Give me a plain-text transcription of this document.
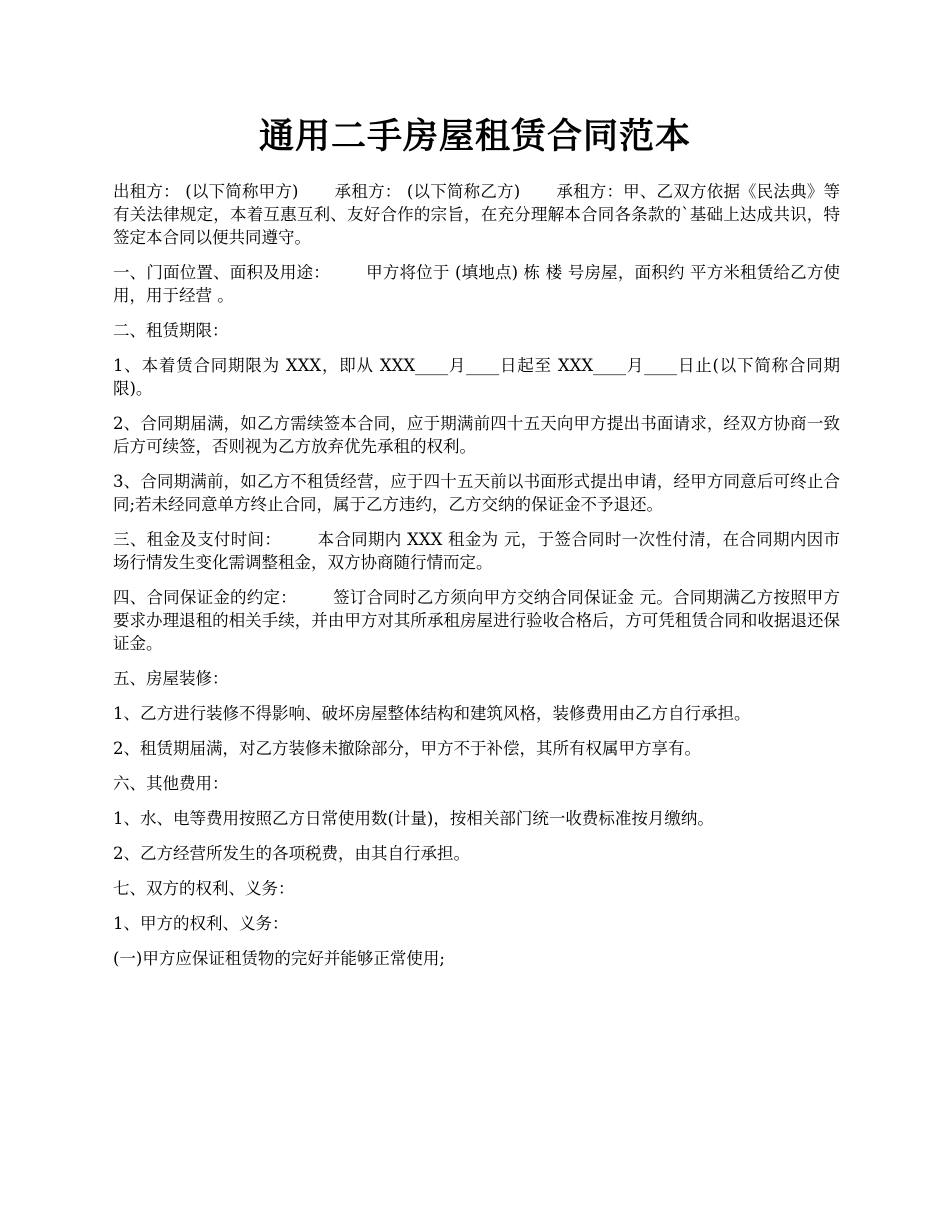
通用二手房屋租赁合同范本

出租方： (以下简称甲方) 承租方： (以下简称乙方) 承租方：甲、乙双方依据《民法典》等有关法律规定，本着互惠互利、友好合作的宗旨，在充分理解本合同各条款的`基础上达成共识，特签定本合同以便共同遵守。

一、门面位置、面积及用途： 甲方将位于 (填地点) 栋 楼 号房屋，面积约 平方米租赁给乙方使用，用于经营 。

二、租赁期限：

1、本着赁合同期限为 XXX，即从 XXX____月____日起至 XXX____月____日止(以下简称合同期限)。

2、合同期届满，如乙方需续签本合同，应于期满前四十五天向甲方提出书面请求，经双方协商一致后方可续签，否则视为乙方放弃优先承租的权利。

3、合同期满前，如乙方不租赁经营，应于四十五天前以书面形式提出申请，经甲方同意后可终止合同;若未经同意单方终止合同，属于乙方违约，乙方交纳的保证金不予退还。

三、租金及支付时间： 本合同期内 XXX 租金为 元，于签合同时一次性付清，在合同期内因市场行情发生变化需调整租金，双方协商随行情而定。

四、合同保证金的约定： 签订合同时乙方须向甲方交纳合同保证金 元。合同期满乙方按照甲方要求办理退租的相关手续，并由甲方对其所承租房屋进行验收合格后，方可凭租赁合同和收据退还保证金。

五、房屋装修：

1、乙方进行装修不得影响、破坏房屋整体结构和建筑风格，装修费用由乙方自行承担。

2、租赁期届满，对乙方装修未撤除部分，甲方不于补偿，其所有权属甲方享有。

六、其他费用：

1、水、电等费用按照乙方日常使用数(计量)，按相关部门统一收费标准按月缴纳。

2、乙方经营所发生的各项税费，由其自行承担。

七、双方的权利、义务：

1、甲方的权利、义务：

(一)甲方应保证租赁物的完好并能够正常使用;
